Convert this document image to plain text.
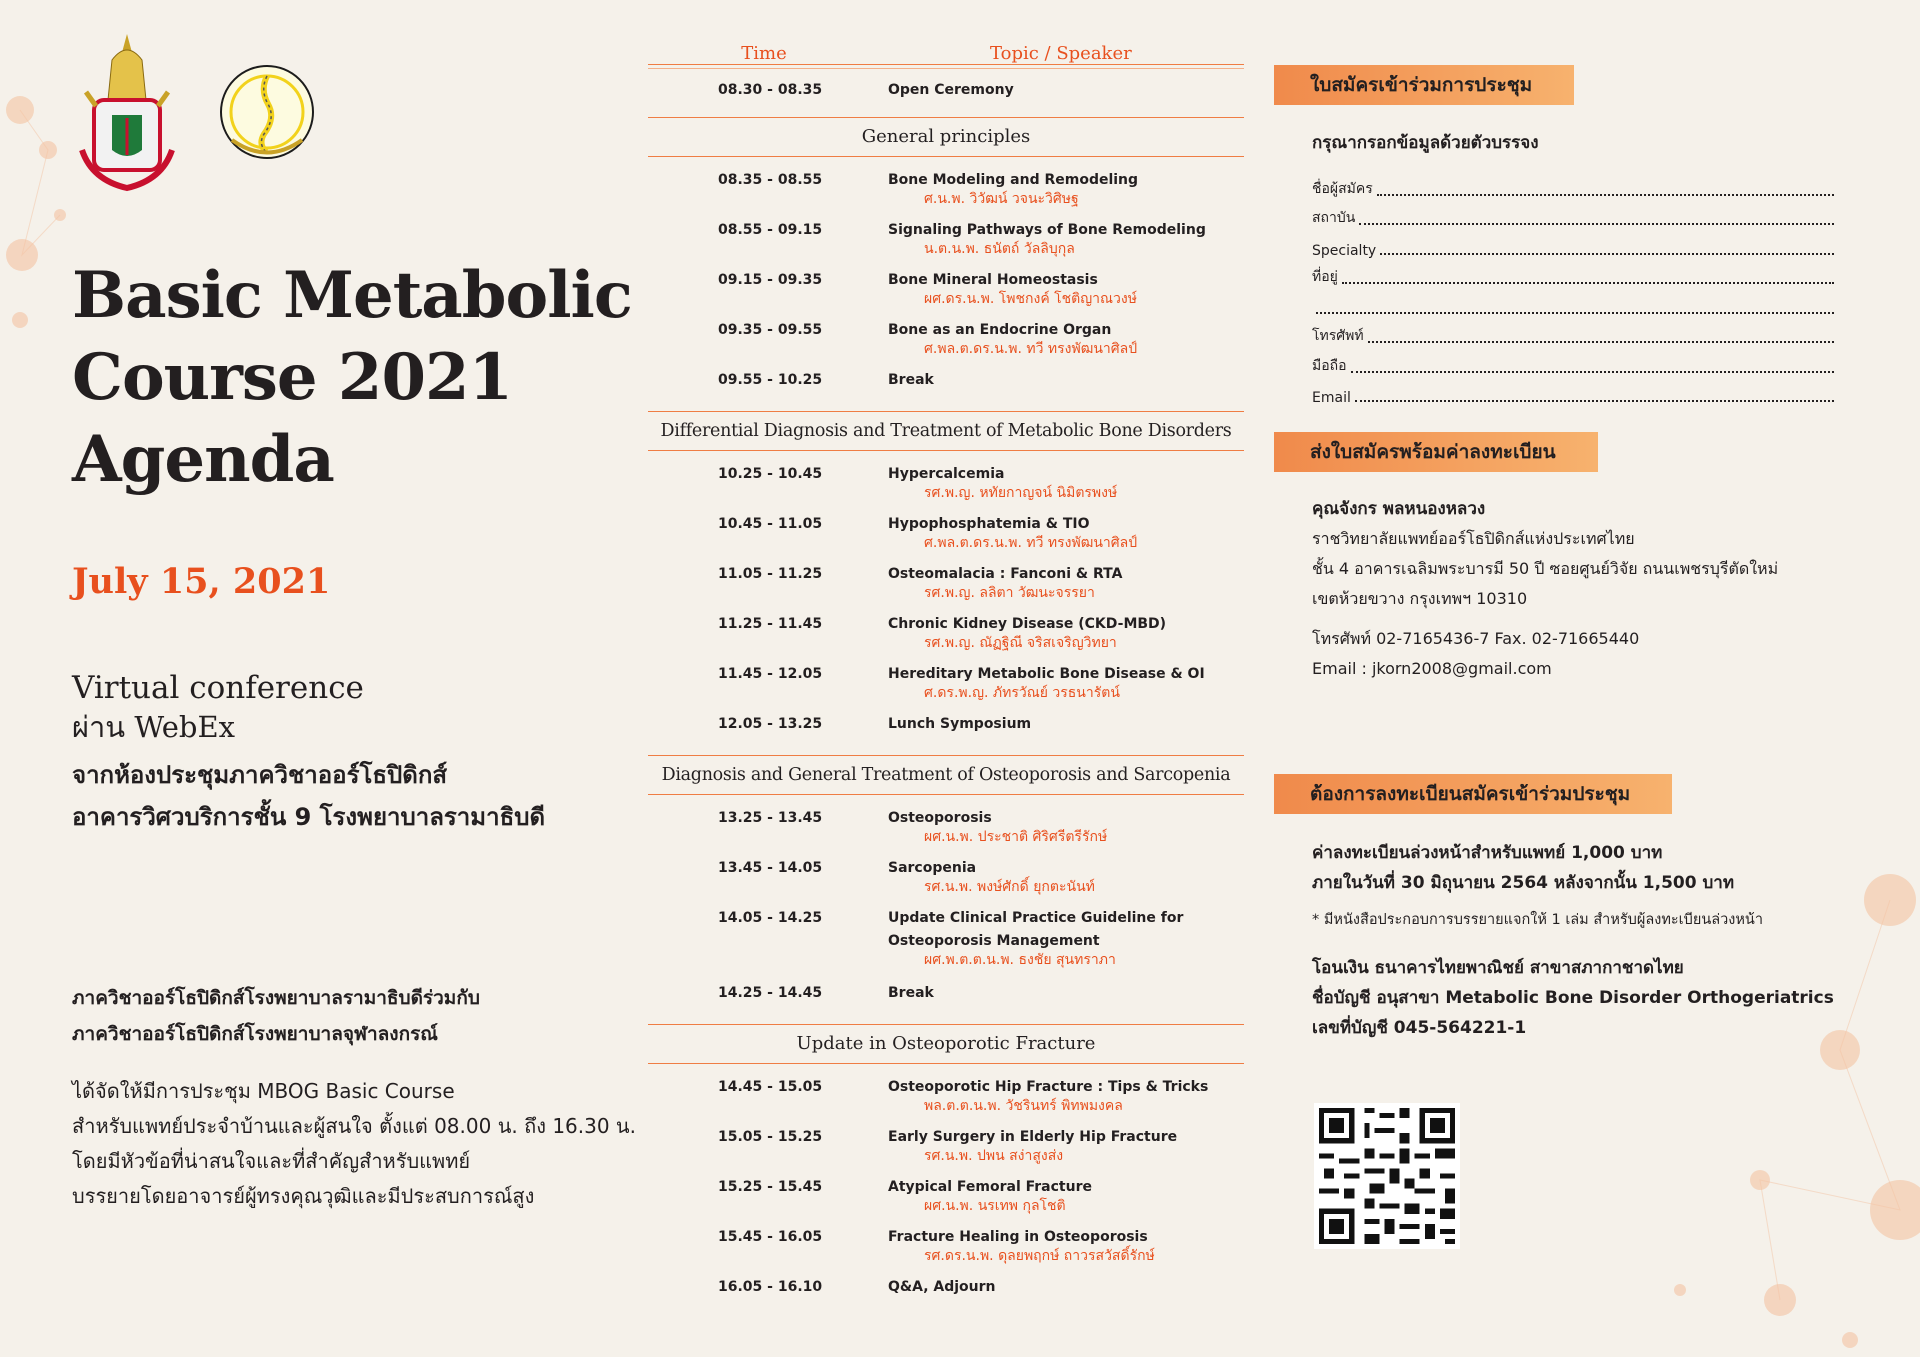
Basic Metabolic
Course 2021
Agenda
July 15, 2021
Virtual conference
ผ่าน WebEx
จากห้องประชุมภาควิชาออร์โธปิดิกส์
อาคารวิศวบริการชั้น 9 โรงพยาบาลรามาธิบดี
ภาควิชาออร์โธปิดิกส์โรงพยาบาลรามาธิบดีร่วมกับ
ภาควิชาออร์โธปิดิกส์โรงพยาบาลจุฬาลงกรณ์
ได้จัดให้มีการประชุม MBOG Basic Course
สำหรับแพทย์ประจำบ้านและผู้สนใจ ตั้งแต่ 08.00 น. ถึง 16.30 น.
โดยมีหัวข้อที่น่าสนใจและที่สำคัญสำหรับแพทย์
บรรยายโดยอาจารย์ผู้ทรงคุณวุฒิและมีประสบการณ์สูง
Time	Topic / Speaker
08.30 - 08.35	Open Ceremony
General principles
08.35 - 08.55	Bone Modeling and Remodeling
ศ.น.พ. วิวัฒน์ วจนะวิศิษฐ
08.55 - 09.15	Signaling Pathways of Bone Remodeling
น.ต.น.พ. ธนัตถ์ วัลลิบุกุล
09.15 - 09.35	Bone Mineral Homeostasis
ผศ.ดร.น.พ. โพชกงค์ โชติญาณวงษ์
09.35 - 09.55	Bone as an Endocrine Organ
ศ.พล.ต.ดร.น.พ. ทวี ทรงพัฒนาศิลป์
09.55 - 10.25	Break
Differential Diagnosis and Treatment of Metabolic Bone Disorders
10.25 - 10.45	Hypercalcemia
รศ.พ.ญ. หทัยกาญจน์ นิมิตรพงษ์
10.45 - 11.05	Hypophosphatemia & TIO
ศ.พล.ต.ดร.น.พ. ทวี ทรงพัฒนาศิลป์
11.05 - 11.25	Osteomalacia : Fanconi & RTA
รศ.พ.ญ. ลลิตา วัฒนะจรรยา
11.25 - 11.45	Chronic Kidney Disease (CKD-MBD)
รศ.พ.ญ. ณัฏฐิณี จริสเจริญวิทยา
11.45 - 12.05	Hereditary Metabolic Bone Disease & OI
ศ.ดร.พ.ญ. ภัทรวัณย์ วรธนารัตน์
12.05 - 13.25	Lunch Symposium
Diagnosis and General Treatment of Osteoporosis and Sarcopenia
13.25 - 13.45	Osteoporosis
ผศ.น.พ. ประชาติ ศิริศรีตรีรักษ์
13.45 - 14.05	Sarcopenia
รศ.น.พ. พงษ์ศักดิ์ ยุกตะนันท์
14.05 - 14.25	Update Clinical Practice Guideline for
Osteoporosis Management
ผศ.พ.ต.ต.น.พ. ธงชัย สุนทราภา
14.25 - 14.45	Break
Update in Osteoporotic Fracture
14.45 - 15.05	Osteoporotic Hip Fracture : Tips & Tricks
พล.ต.ต.น.พ. วัชรินทร์ พิทพมงคล
15.05 - 15.25	Early Surgery in Elderly Hip Fracture
รศ.น.พ. ปพน สง่าสูงส่ง
15.25 - 15.45	Atypical Femoral Fracture
ผศ.น.พ. นรเทพ กุลโชติ
15.45 - 16.05	Fracture Healing in Osteoporosis
รศ.ดร.น.พ. ดุลยพฤกษ์ ถาวรสวัสดิ์รักษ์
16.05 - 16.10	Q&A, Adjourn
ใบสมัครเข้าร่วมการประชุม
กรุณากรอกข้อมูลด้วยตัวบรรจง
ชื่อผู้สมัคร
สถาบัน
Specialty
ที่อยู่
โทรศัพท์
มือถือ
Email
ส่งใบสมัครพร้อมค่าลงทะเบียน
คุณจังกร พลหนองหลวง
ราชวิทยาลัยแพทย์ออร์โธปิดิกส์แห่งประเทศไทย
ชั้น 4 อาคารเฉลิมพระบารมี 50 ปี ซอยศูนย์วิจัย ถนนเพชรบุรีตัดใหม่
เขตห้วยขวาง กรุงเทพฯ 10310
โทรศัพท์ 02-7165436-7 Fax. 02-71665440
Email : jkorn2008@gmail.com
ต้องการลงทะเบียนสมัครเข้าร่วมประชุม
ค่าลงทะเบียนล่วงหน้าสำหรับแพทย์ 1,000 บาท
ภายในวันที่ 30 มิถุนายน 2564 หลังจากนั้น 1,500 บาท
* มีหนังสือประกอบการบรรยายแจกให้ 1 เล่ม สำหรับผู้ลงทะเบียนล่วงหน้า
โอนเงิน ธนาคารไทยพาณิชย์ สาขาสภากาชาดไทย
ชื่อบัญชี อนุสาขา Metabolic Bone Disorder Orthogeriatrics
เลขที่บัญชี 045-564221-1
